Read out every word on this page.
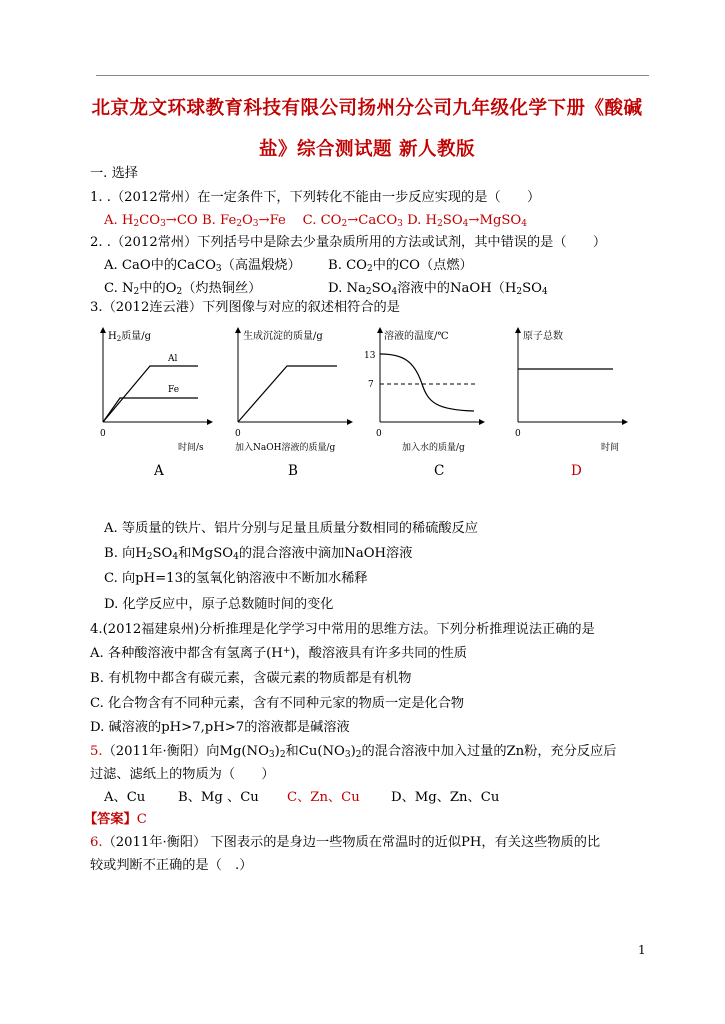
北京龙文环球教育科技有限公司扬州分公司九年级化学下册《酸碱
盐》综合测试题 新人教版
一. 选择
1. .（2012常州）在一定条件下，下列转化不能由一步反应实现的是（　　）
A. $H_2CO_3\to CO$ B. $Fe_2O_3\to Fe$    C. $CO_2\to CaCO_3$ D. $H_2SO_4\to MgSO_4$
2. .（2012常州）下列括号中是除去少量杂质所用的方法或试剂，其中错误的是（　　）
A. CaO中的CaCO$_3$（高温煅烧） B. $CO_2$中的CO（点燃）
C. $N_2$中的$O_2$（灼热铜丝）	D. $Na_2SO_4$溶液中的$NaOH(H_2SO_4$
3.（2012连云港）下列图像与对应的叙述相符合的是
$H_2$质量/g
Al
Fe
0
时间/s
A
生成沉淀的质量/g
0
加入NaOH溶液的质量/g
B
溶液的温度/℃
13
7
0
加入水的质量/g
C
原子总数
0
时间
D
A. 等质量的铁片、铝片分别与足量且质量分数相同的稀硫酸反应
B. 向$H_2SO_4$和MgSO$_4$的混合溶液中滴加NaOH溶液
C. 向pH=13的氢氧化钠溶液中不断加水稀释
D. 化学反应中，原子总数随时间的变化
4.(2012福建泉州)分析推理是化学学习中常用的思维方法。下列分析推理说法正确的是
A. 各种酸溶液中都含有氢离子(H+)，酸溶液具有许多共同的性质
B. 有机物中都含有碳元素，含碳元素的物质都是有机物
C. 化合物含有不同种元素，含有不同种元家的物质一定是化合物
D. 碱溶液的pH>7,pH>7的溶液都是碱溶液
5.（2011年·衡阳）向$Mg(NO_3)_2$和$Cu(NO_3)_2$的混合溶液中加入过量的Zn粉，充分反应后
过滤、滤纸上的物质为（　　）
A、Cu B、Mg 、Cu C、Zn、Cu D、Mg、Zn、Cu
【答案】C
6.（2011年·衡阳） 下图表示的是身边一些物质在常温时的近似PH，有关这些物质的比
较或判断不正确的是（　.）
1
